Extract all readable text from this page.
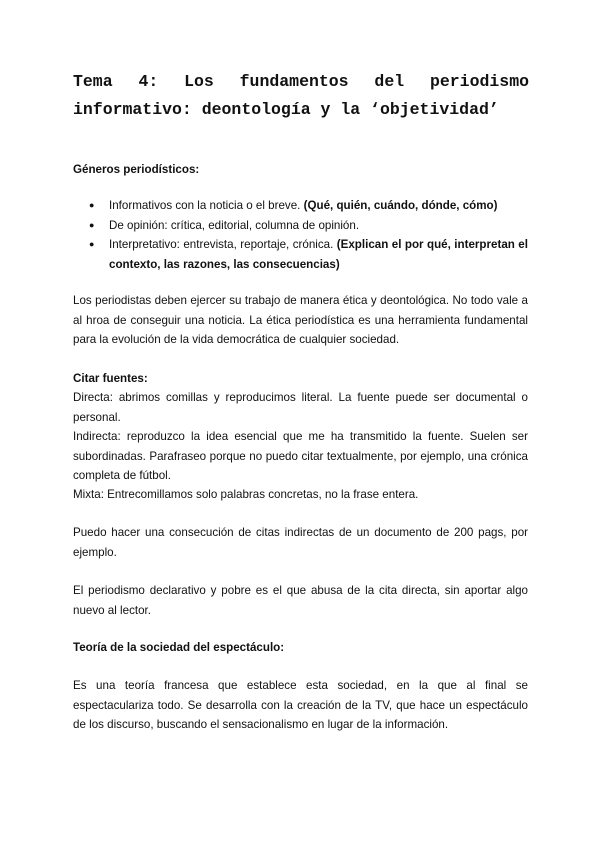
Tema 4: Los fundamentos del periodismo informativo: deontología y la ‘objetividad’

Géneros periodísticos:

● Informativos con la noticia o el breve. (Qué, quién, cuándo, dónde, cómo)
● De opinión: crítica, editorial, columna de opinión.
● Interpretativo: entrevista, reportaje, crónica. (Explican el por qué, interpretan el contexto, las razones, las consecuencias)

Los periodistas deben ejercer su trabajo de manera ética y deontológica. No todo vale a al hroa de conseguir una noticia. La ética periodística es una herramienta fundamental para la evolución de la vida democrática de cualquier sociedad.

Citar fuentes:

Directa: abrimos comillas y reproducimos literal. La fuente puede ser documental o personal.

Indirecta: reproduzco la idea esencial que me ha transmitido la fuente. Suelen ser subordinadas. Parafraseo porque no puedo citar textualmente, por ejemplo, una crónica completa de fútbol.

Mixta: Entrecomillamos solo palabras concretas, no la frase entera.

Puedo hacer una consecución de citas indirectas de un documento de 200 pags, por ejemplo.

El periodismo declarativo y pobre es el que abusa de la cita directa, sin aportar algo nuevo al lector.

Teoría de la sociedad del espectáculo:

Es una teoría francesa que establece esta sociedad, en la que al final se espectaculariza todo. Se desarrolla con la creación de la TV, que hace un espectáculo de los discurso, buscando el sensacionalismo en lugar de la información.
